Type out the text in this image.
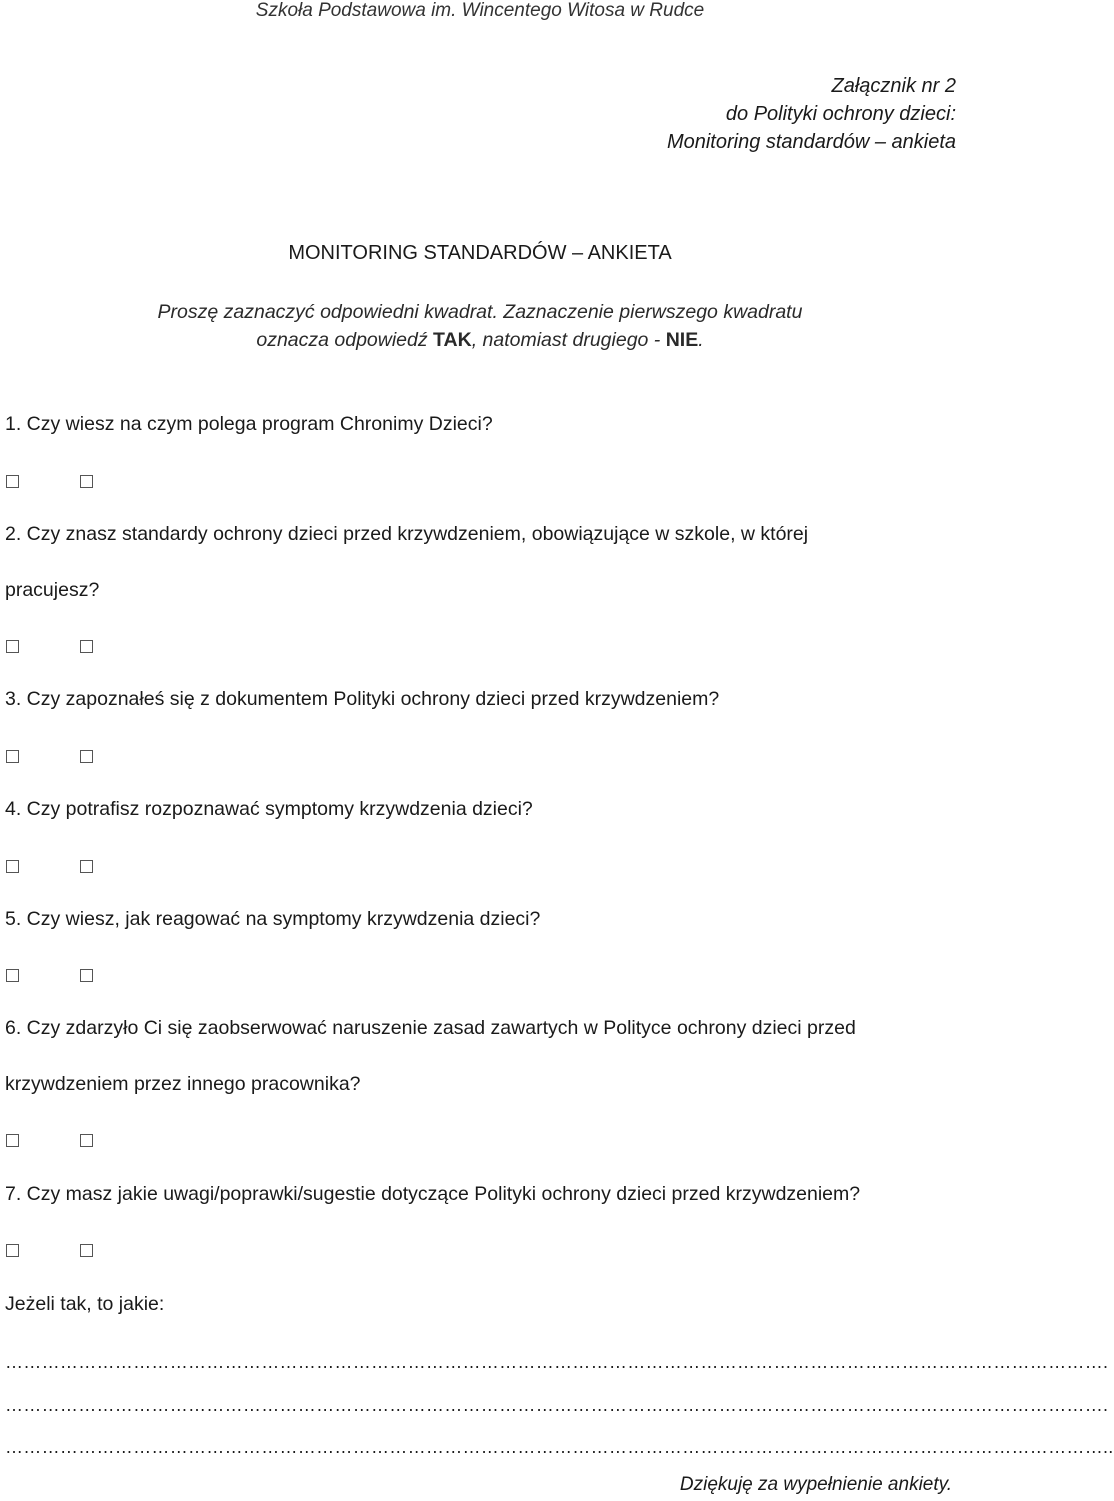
Szkoła Podstawowa im. Wincentego Witosa w Rudce
Załącznik nr 2
do Polityki ochrony dzieci:
Monitoring standardów – ankieta
MONITORING STANDARDÓW – ANKIETA
Proszę zaznaczyć odpowiedni kwadrat. Zaznaczenie pierwszego kwadratu
oznacza odpowiedź TAK, natomiast drugiego - NIE.
1. Czy wiesz na czym polega program Chronimy Dzieci?
2. Czy znasz standardy ochrony dzieci przed krzywdzeniem, obowiązujące w szkole, w której
pracujesz?
3. Czy zapoznałeś się z dokumentem Polityki ochrony dzieci przed krzywdzeniem?
4. Czy potrafisz rozpoznawać symptomy krzywdzenia dzieci?
5. Czy wiesz, jak reagować na symptomy krzywdzenia dzieci?
6. Czy zdarzyło Ci się zaobserwować naruszenie zasad zawartych w Polityce ochrony dzieci przed
krzywdzeniem przez innego pracownika?
7. Czy masz jakie uwagi/poprawki/sugestie dotyczące Polityki ochrony dzieci przed krzywdzeniem?
Jeżeli tak, to jakie:
……………………………………………………………………………………………………………………………………………………………….
……………………………………………………………………………………………………………………………………………………………….
………………………………………………………………………………………………………………………………………………………………..
Dziękuję za wypełnienie ankiety.
